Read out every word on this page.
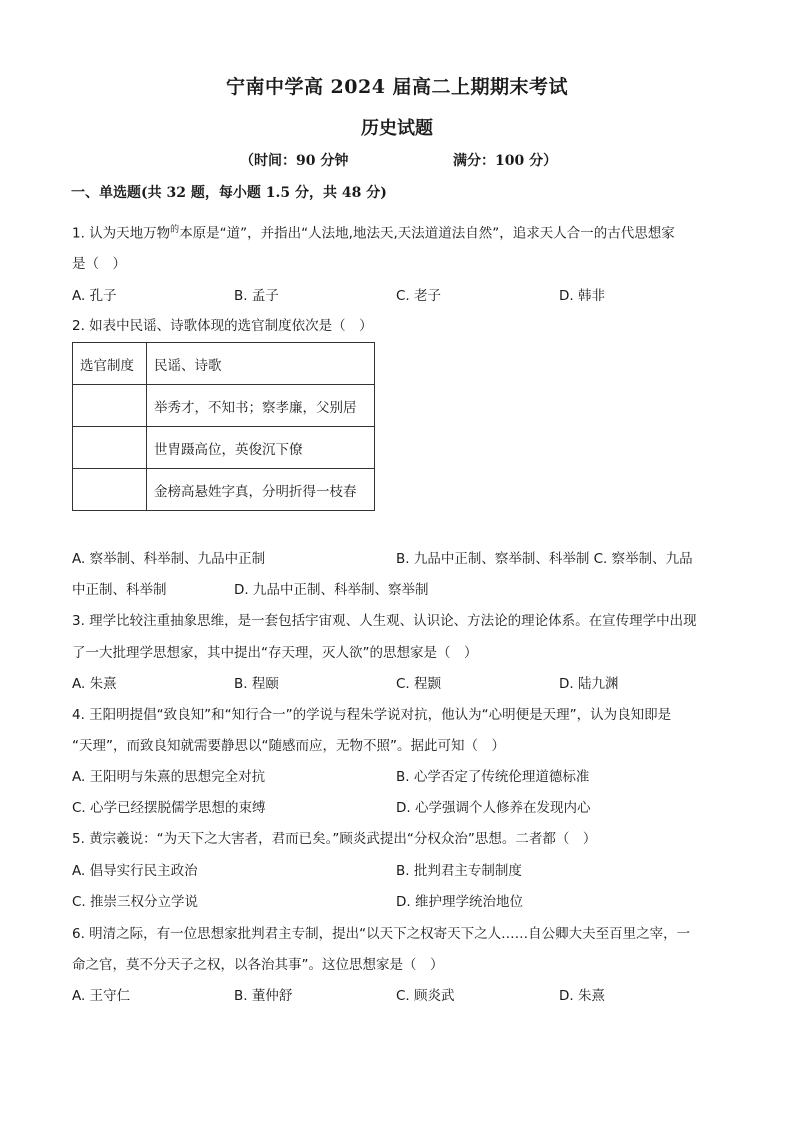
宁南中学高 2024 届高二上期期末考试
历史试题
（时间：90 分钟	满分：100 分）
一、单选题(共 32 题，每小题 1.5 分，共 48 分)
1. 认为天地万物$^的$本原是“道”，并指出“人法地,地法天,天法道道法自然”，追求天人合一的古代思想家
是（　）
A. 孔子	B. 孟子	C. 老子	D. 韩非
2. 如表中民谣、诗歌体现的选官制度依次是（　）
选官制度	民谣、诗歌
	举秀才，不知书；察孝廉，父别居
	世胄蹑高位，英俊沉下僚
	金榜高悬姓字真，分明折得一枝春
A. 察举制、科举制、九品中正制	B. 九品中正制、察举制、科举制 C. 察举制、九品
中正制、科举制	D. 九品中正制、科举制、察举制
3. 理学比较注重抽象思维，是一套包括宇宙观、人生观、认识论、方法论的理论体系。在宣传理学中出现
了一大批理学思想家，其中提出“存天理，灭人欲”的思想家是（　）
A. 朱熹	B. 程颐	C. 程颢	D. 陆九渊
4. 王阳明提倡“致良知”和“知行合一”的学说与程朱学说对抗，他认为“心明便是天理”，认为良知即是
“天理”，而致良知就需要静思以“随感而应，无物不照”。据此可知（　）
A. 王阳明与朱熹的思想完全对抗	B. 心学否定了传统伦理道德标准
C. 心学已经摆脱儒学思想的束缚	D. 心学强调个人修养在发现内心
5. 黄宗羲说：“为天下之大害者，君而已矣。”顾炎武提出“分权众治”思想。二者都（　）
A. 倡导实行民主政治	B. 批判君主专制制度
C. 推崇三权分立学说	D. 维护理学统治地位
6. 明清之际，有一位思想家批判君主专制，提出“以天下之权寄天下之人……自公卿大夫至百里之宰，一
命之官，莫不分天子之权，以各治其事”。这位思想家是（　）
A. 王守仁	B. 董仲舒	C. 顾炎武	D. 朱熹
